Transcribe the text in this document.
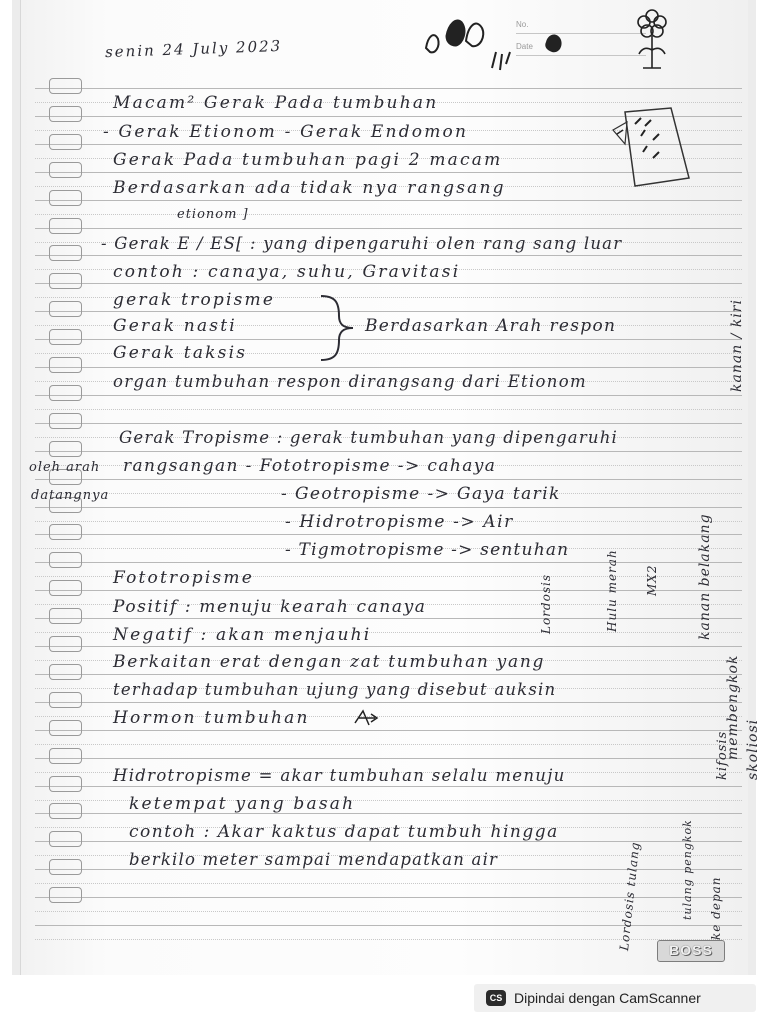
No.
Date
senin 24 July 2023
Macam² Gerak Pada tumbuhan
- Gerak Etionom - Gerak Endomon
Gerak Pada tumbuhan pagi 2 macam
Berdasarkan ada tidak nya rangsang
etionom ]
- Gerak E / ES[ : yang dipengaruhi olen rang sang luar
contoh : canaya, suhu, Gravitasi
gerak tropisme
Gerak nasti
Gerak taksis
Berdasarkan Arah respon
organ tumbuhan respon dirangsang dari Etionom
Gerak Tropisme : gerak tumbuhan yang dipengaruhi
oleh arah rangsangan - Fototropisme -> cahaya
datangnya	- Geotropisme -> Gaya tarik
- Hidrotropisme -> Air
- Tigmotropisme -> sentuhan
Fototropisme
Positif : menuju kearah canaya
Negatif : akan menjauhi
Berkaitan erat dengan zat tumbuhan yang
terhadap tumbuhan ujung yang disebut auksin
Hormon tumbuhan
Hidrotropisme = akar tumbuhan selalu menuju
ketempat yang basah
contoh : Akar kaktus dapat tumbuh hingga
berkilo meter sampai mendapatkan air
kanan / kiri
Lordosis	Hulu merah MX2	kanan belakang
membengkok skoliosi
kifosis
Lordosis tulang	tulang pengkok ke depan
BOSS
CS Dipindai dengan CamScanner
